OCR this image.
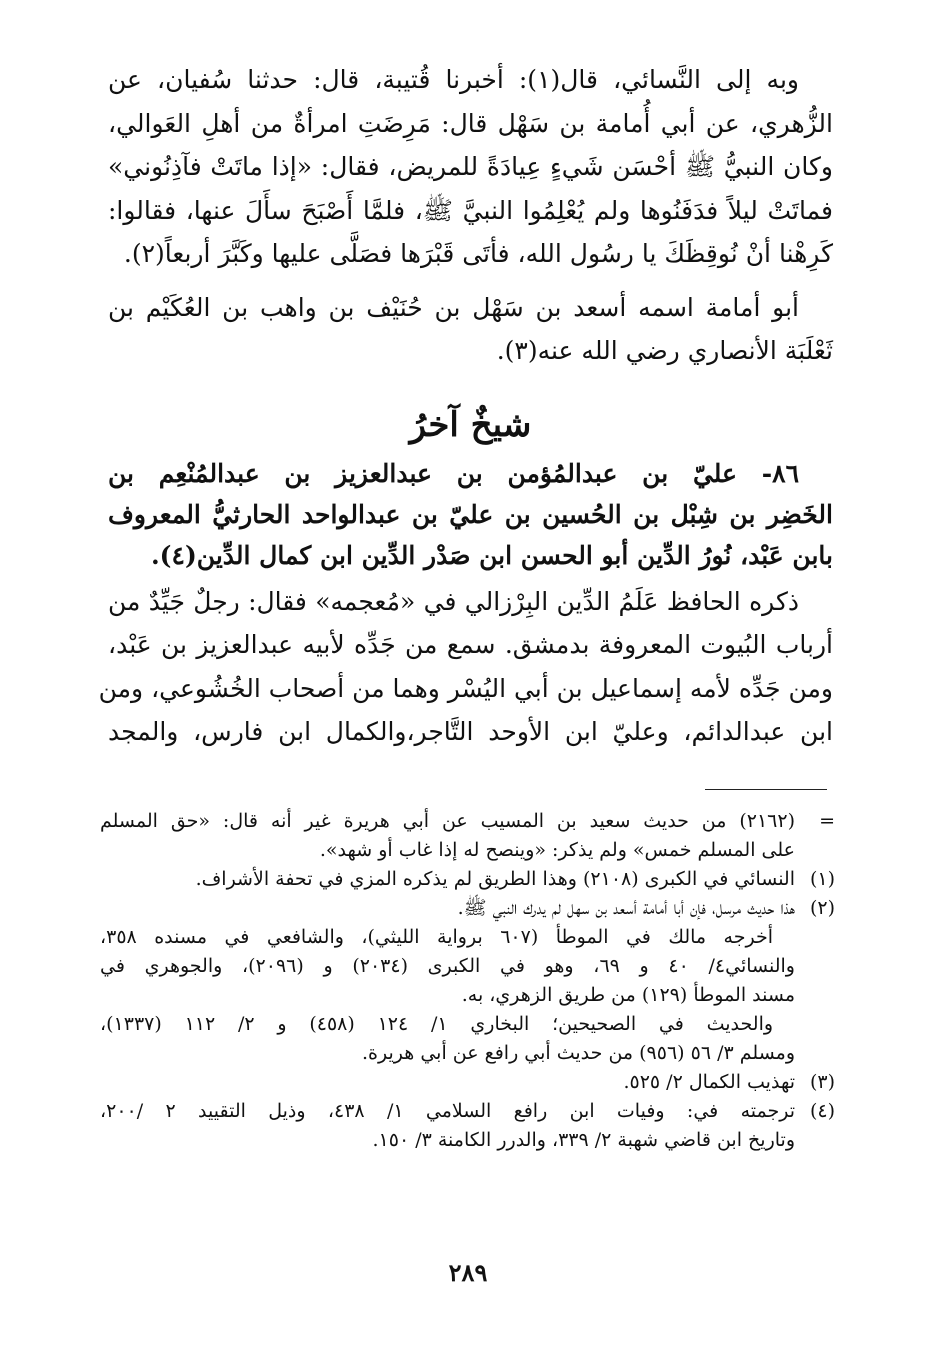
وبه إلى النَّسائي، قال(١): أخبرنا قُتيبة، قال: حدثنا سُفيان، عن
الزُّهري، عن أبي أُمامة بن سَهْل قال: مَرِضَتِ امرأةٌ من أهلِ العَوالي،
وكان النبيُّ ﷺ أحْسَن شَيءٍ عِيادَةً للمريض، فقال: «إذا ماتَتْ فآذِنُوني»
فماتَتْ ليلاً فدَفَنُوها ولم يُعْلِمُوا النبيَّ ﷺ، فلمَّا أَصْبَحَ سأَلَ عنها، فقالوا:
كَرِهْنا أنْ نُوقِظَكَ يا رسُول الله، فأتَى قَبْرَها فصَلَّى عليها وكَبَّرَ أربعاً(٢).

أبو أمامة اسمه أسعد بن سَهْل بن حُنَيْف بن واهب بن العُكَيْم بن
ثَعْلَبَة الأنصاري رضي الله عنه(٣).

شيخٌ آخرُ

٨٦- عليّ بن عبدالمُؤمن بن عبدالعزيز بن عبدالمُنْعِم بن
الخَضِر بن شِبْل بن الحُسين بن عليّ بن عبدالواحد الحارثيُّ المعروف
بابن عَبْد، نُورُ الدِّين أبو الحسن ابن صَدْر الدِّين ابن كمال الدِّين(٤).

ذكره الحافظ عَلَمُ الدِّين البِرْزالي في «مُعجمه» فقال: رجلٌ جَيِّدٌ من
أرباب البُيوت المعروفة بدمشق. سمع من جَدِّه لأبيه عبدالعزيز بن عَبْد،
ومن جَدِّه لأمه إسماعيل بن أبي اليُسْر وهما من أصحاب الخُشُوعي، ومن
ابن عبدالدائم، وعليّ ابن الأوحد التَّاجر،والكمال ابن فارس، والمجد

=
(٢١٦٢) من حديث سعيد بن المسيب عن أبي هريرة غير أنه قال: «حق المسلم
على المسلم خمس» ولم يذكر: «وينصح له إذا غاب أو شهد».
(١)
النسائي في الكبرى (٢١٠٨) وهذا الطريق لم يذكره المزي في تحفة الأشراف.
(٢)
هذا حديث مرسل، فإن أبا أمامة أسعد بن سهل لم يدرك النبي ﷺ.
أخرجه مالك في الموطأ (٦٠٧ برواية الليثي)، والشافعي في مسنده ٣٥٨،
والنسائي٤/ ٤٠ و ٦٩، وهو في الكبرى (٢٠٣٤) و (٢٠٩٦)، والجوهري في
مسند الموطأ (١٢٩) من طريق الزهري، به.
والحديث في الصحيحين؛ البخاري ١/ ١٢٤ (٤٥٨) و ٢/ ١١٢ (١٣٣٧)،
ومسلم ٣/ ٥٦ (٩٥٦) من حديث أبي رافع عن أبي هريرة.
(٣)
تهذيب الكمال ٢/ ٥٢٥.
(٤)
ترجمته في: وفيات ابن رافع السلامي ١/ ٤٣٨، وذيل التقييد ٢ /٢٠٠،
وتاريخ ابن قاضي شهبة ٢/ ٣٣٩، والدرر الكامنة ٣/ ١٥٠.
٢٨٩
